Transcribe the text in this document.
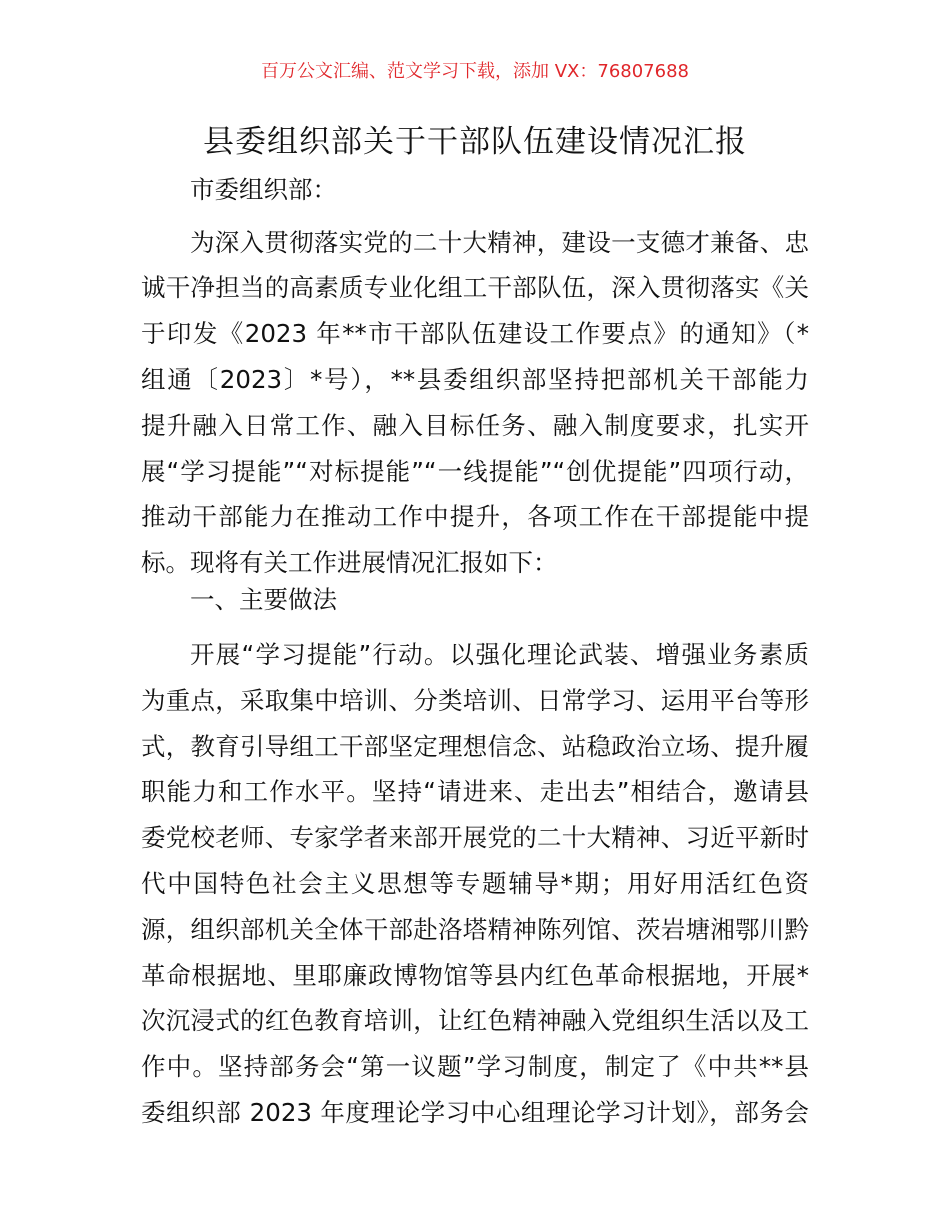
百万公文汇编、范文学习下载，添加 VX：76807688
县委组织部关于干部队伍建设情况汇报
市委组织部：
为深入贯彻落实党的二十大精神，建设一支德才兼备、忠
诚干净担当的高素质专业化组工干部队伍，深入贯彻落实《关
于印发《2023 年**市干部队伍建设工作要点》的通知》（*
组通〔2023〕*号），**县委组织部坚持把部机关干部能力
提升融入日常工作、融入目标任务、融入制度要求，扎实开
展“学习提能”“对标提能”“一线提能”“创优提能”四项行动，
推动干部能力在推动工作中提升，各项工作在干部提能中提
标。现将有关工作进展情况汇报如下：
一、主要做法
开展“学习提能”行动。以强化理论武装、增强业务素质
为重点，采取集中培训、分类培训、日常学习、运用平台等形
式，教育引导组工干部坚定理想信念、站稳政治立场、提升履
职能力和工作水平。坚持“请进来、走出去”相结合，邀请县
委党校老师、专家学者来部开展党的二十大精神、习近平新时
代中国特色社会主义思想等专题辅导*期；用好用活红色资
源，组织部机关全体干部赴洛塔精神陈列馆、茨岩塘湘鄂川黔
革命根据地、里耶廉政博物馆等县内红色革命根据地，开展*
次沉浸式的红色教育培训，让红色精神融入党组织生活以及工
作中。坚持部务会“第一议题”学习制度，制定了《中共**县
委组织部 2023 年度理论学习中心组理论学习计划》，部务会
